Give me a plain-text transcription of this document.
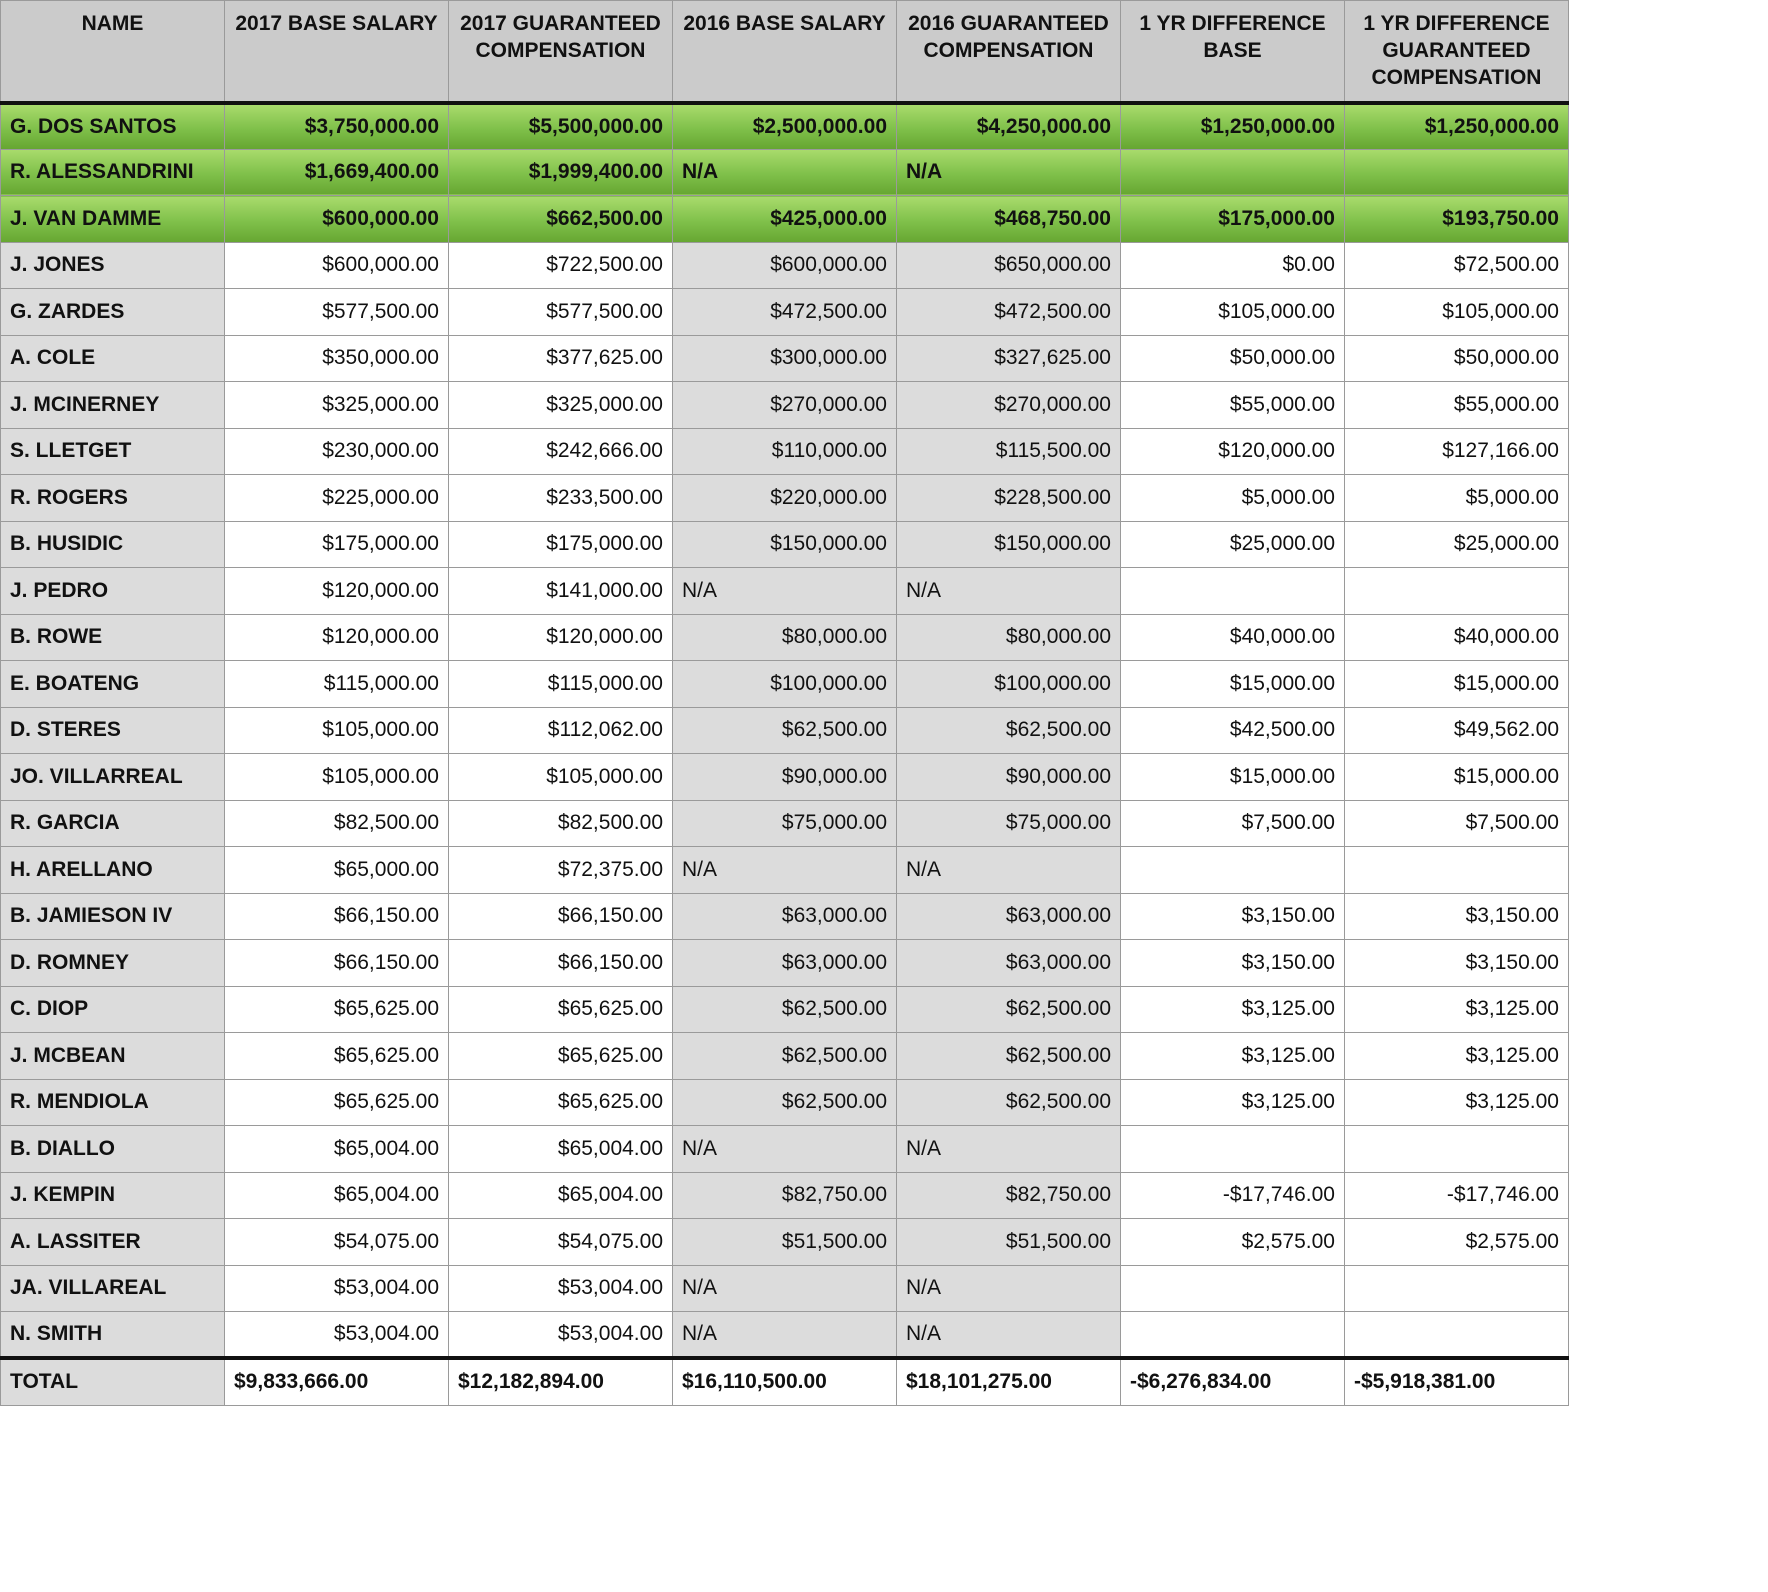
NAME	2017 BASE SALARY	2017 GUARANTEED COMPENSATION	2016 BASE SALARY	2016 GUARANTEED COMPENSATION	1 YR DIFFERENCE BASE	1 YR DIFFERENCE GUARANTEED COMPENSATION
G. DOS SANTOS	$3,750,000.00	$5,500,000.00	$2,500,000.00	$4,250,000.00	$1,250,000.00	$1,250,000.00
R. ALESSANDRINI	$1,669,400.00	$1,999,400.00	N/A	N/A		
J. VAN DAMME	$600,000.00	$662,500.00	$425,000.00	$468,750.00	$175,000.00	$193,750.00
J. JONES	$600,000.00	$722,500.00	$600,000.00	$650,000.00	$0.00	$72,500.00
G. ZARDES	$577,500.00	$577,500.00	$472,500.00	$472,500.00	$105,000.00	$105,000.00
A. COLE	$350,000.00	$377,625.00	$300,000.00	$327,625.00	$50,000.00	$50,000.00
J. MCINERNEY	$325,000.00	$325,000.00	$270,000.00	$270,000.00	$55,000.00	$55,000.00
S. LLETGET	$230,000.00	$242,666.00	$110,000.00	$115,500.00	$120,000.00	$127,166.00
R. ROGERS	$225,000.00	$233,500.00	$220,000.00	$228,500.00	$5,000.00	$5,000.00
B. HUSIDIC	$175,000.00	$175,000.00	$150,000.00	$150,000.00	$25,000.00	$25,000.00
J. PEDRO	$120,000.00	$141,000.00	N/A	N/A		
B. ROWE	$120,000.00	$120,000.00	$80,000.00	$80,000.00	$40,000.00	$40,000.00
E. BOATENG	$115,000.00	$115,000.00	$100,000.00	$100,000.00	$15,000.00	$15,000.00
D. STERES	$105,000.00	$112,062.00	$62,500.00	$62,500.00	$42,500.00	$49,562.00
JO. VILLARREAL	$105,000.00	$105,000.00	$90,000.00	$90,000.00	$15,000.00	$15,000.00
R. GARCIA	$82,500.00	$82,500.00	$75,000.00	$75,000.00	$7,500.00	$7,500.00
H. ARELLANO	$65,000.00	$72,375.00	N/A	N/A		
B. JAMIESON IV	$66,150.00	$66,150.00	$63,000.00	$63,000.00	$3,150.00	$3,150.00
D. ROMNEY	$66,150.00	$66,150.00	$63,000.00	$63,000.00	$3,150.00	$3,150.00
C. DIOP	$65,625.00	$65,625.00	$62,500.00	$62,500.00	$3,125.00	$3,125.00
J. MCBEAN	$65,625.00	$65,625.00	$62,500.00	$62,500.00	$3,125.00	$3,125.00
R. MENDIOLA	$65,625.00	$65,625.00	$62,500.00	$62,500.00	$3,125.00	$3,125.00
B. DIALLO	$65,004.00	$65,004.00	N/A	N/A		
J. KEMPIN	$65,004.00	$65,004.00	$82,750.00	$82,750.00	-$17,746.00	-$17,746.00
A. LASSITER	$54,075.00	$54,075.00	$51,500.00	$51,500.00	$2,575.00	$2,575.00
JA. VILLAREAL	$53,004.00	$53,004.00	N/A	N/A		
N. SMITH	$53,004.00	$53,004.00	N/A	N/A		
TOTAL	$9,833,666.00	$12,182,894.00	$16,110,500.00	$18,101,275.00	-$6,276,834.00	-$5,918,381.00
